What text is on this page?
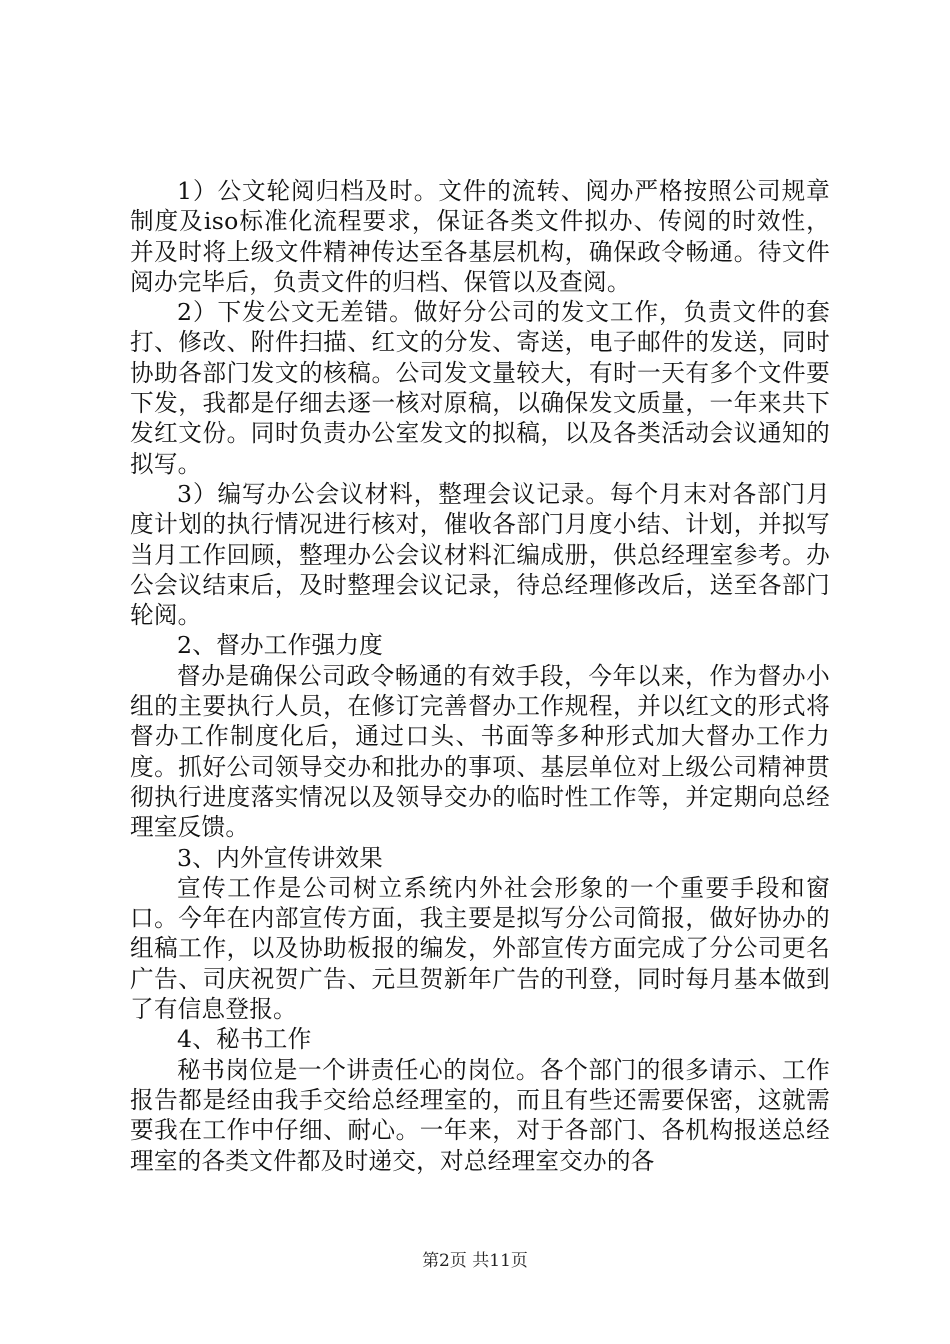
1）公文轮阅归档及时。文件的流转、阅办严格按照公司规章制度及iso标准化流程要求，保证各类文件拟办、传阅的时效性，并及时将上级文件精神传达至各基层机构，确保政令畅通。待文件阅办完毕后，负责文件的归档、保管以及查阅。

2）下发公文无差错。做好分公司的发文工作，负责文件的套打、修改、附件扫描、红文的分发、寄送，电子邮件的发送，同时协助各部门发文的核稿。公司发文量较大，有时一天有多个文件要下发，我都是仔细去逐一核对原稿，以确保发文质量，一年来共下发红文份。同时负责办公室发文的拟稿，以及各类活动会议通知的拟写。

3）编写办公会议材料，整理会议记录。每个月末对各部门月度计划的执行情况进行核对，催收各部门月度小结、计划，并拟写当月工作回顾，整理办公会议材料汇编成册，供总经理室参考。办公会议结束后，及时整理会议记录，待总经理修改后，送至各部门轮阅。

2、督办工作强力度

督办是确保公司政令畅通的有效手段，今年以来，作为督办小组的主要执行人员，在修订完善督办工作规程，并以红文的形式将督办工作制度化后，通过口头、书面等多种形式加大督办工作力度。抓好公司领导交办和批办的事项、基层单位对上级公司精神贯彻执行进度落实情况以及领导交办的临时性工作等，并定期向总经理室反馈。

3、内外宣传讲效果

宣传工作是公司树立系统内外社会形象的一个重要手段和窗口。今年在内部宣传方面，我主要是拟写分公司简报，做好协办的组稿工作，以及协助板报的编发，外部宣传方面完成了分公司更名广告、司庆祝贺广告、元旦贺新年广告的刊登，同时每月基本做到了有信息登报。

4、秘书工作

秘书岗位是一个讲责任心的岗位。各个部门的很多请示、工作报告都是经由我手交给总经理室的，而且有些还需要保密，这就需要我在工作中仔细、耐心。一年来，对于各部门、各机构报送总经理室的各类文件都及时递交，对总经理室交办的各

第2页 共11页
